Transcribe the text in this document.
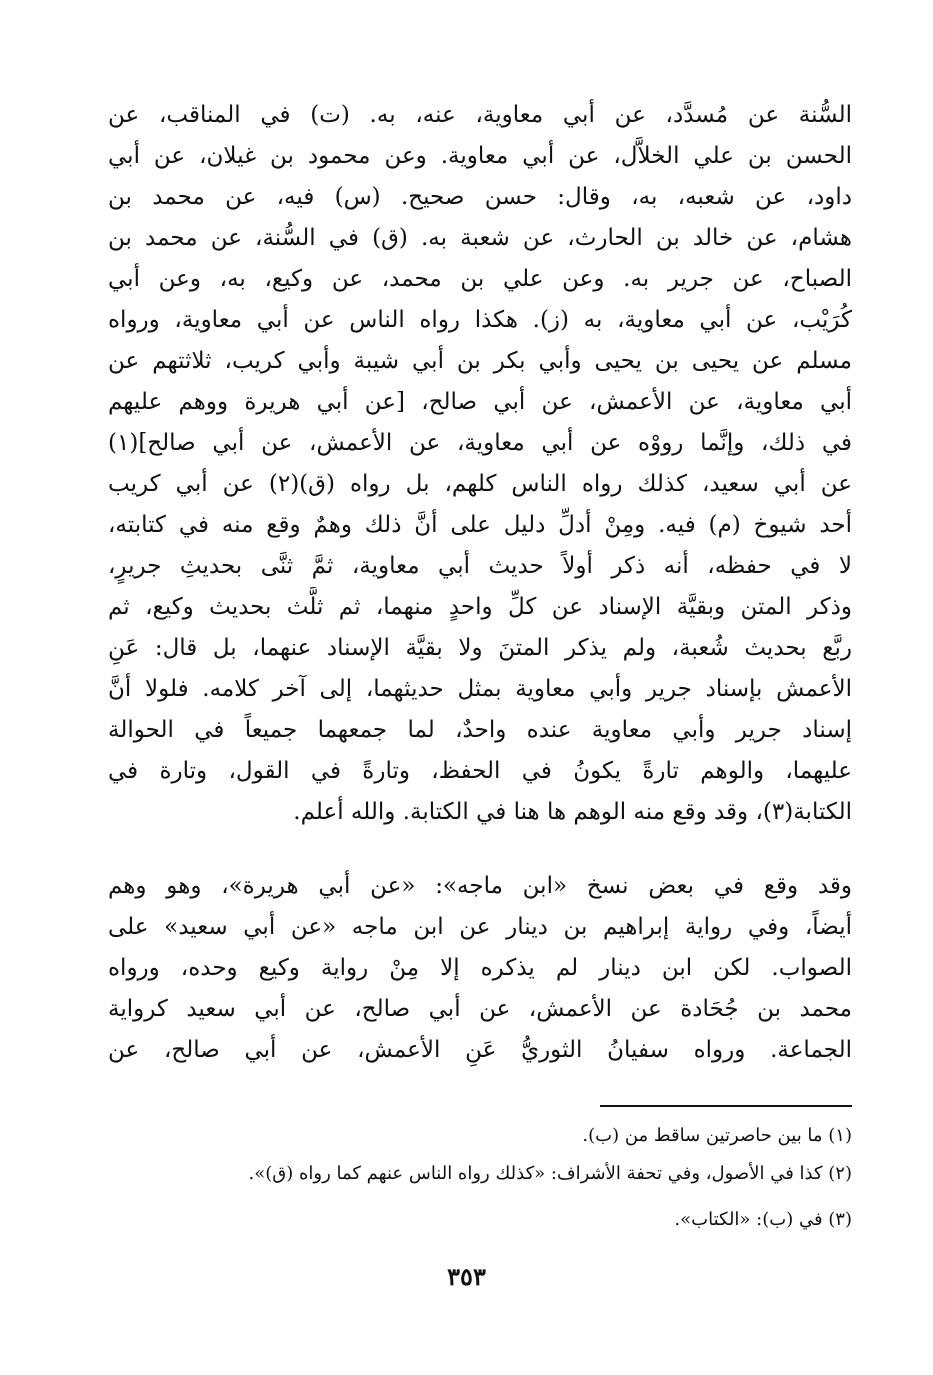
السُّنة عن مُسدَّد، عن أبي معاوية، عنه، به. (ت) في المناقب، عن
الحسن بن علي الخلاَّل، عن أبي معاوية. وعن محمود بن غيلان، عن أبي
داود، عن شعبه، به، وقال: حسن صحيح. (س) فيه، عن محمد بن
هشام، عن خالد بن الحارث، عن شعبة به. (ق) في السُّنة، عن محمد بن
الصباح، عن جرير به. وعن علي بن محمد، عن وكيع، به، وعن أبي
كُرَيْب، عن أبي معاوية، به (ز). هكذا رواه الناس عن أبي معاوية، ورواه
مسلم عن يحيى بن يحيى وأبي بكر بن أبي شيبة وأبي كريب، ثلاثتهم عن
أبي معاوية، عن الأعمش، عن أبي صالح، [عن أبي هريرة ووهم عليهم
في ذلك، وإنَّما رووْه عن أبي معاوية، عن الأعمش، عن أبي صالح](١)
عن أبي سعيد، كذلك رواه الناس كلهم، بل رواه (ق)(٢) عن أبي كريب
أحد شيوخ (م) فيه. ومِنْ أدلِّ دليل على أنَّ ذلك وهمٌ وقع منه في كتابته،
لا في حفظه، أنه ذكر أولاً حديث أبي معاوية، ثمَّ ثنَّى بحديثِ جريرٍ،
وذكر المتن وبقيَّة الإسناد عن كلِّ واحدٍ منهما، ثم ثلَّث بحديث وكيع، ثم
ربَّع بحديث شُعبة، ولم يذكر المتنَ ولا بقيَّة الإسناد عنهما، بل قال: عَنِ
الأعمش بإسناد جرير وأبي معاوية بمثل حديثهما، إلى آخر كلامه. فلولا أنَّ
إسناد جرير وأبي معاوية عنده واحدٌ، لما جمعهما جميعاً في الحوالة
عليهما، والوهم تارةً يكونُ في الحفظ، وتارةً في القول، وتارة في
الكتابة(٣)، وقد وقع منه الوهم ها هنا في الكتابة. والله أعلم.
وقد وقع في بعض نسخ «ابن ماجه»: «عن أبي هريرة»، وهو وهم
أيضاً، وفي رواية إبراهيم بن دينار عن ابن ماجه «عن أبي سعيد» على
الصواب. لكن ابن دينار لم يذكره إلا مِنْ رواية وكيع وحده، ورواه
محمد بن جُحَادة عن الأعمش، عن أبي صالح، عن أبي سعيد كرواية
الجماعة. ورواه سفيانُ الثوريُّ عَنِ الأعمش، عن أبي صالح، عن
(١) ما بين حاصرتين ساقط من (ب).
(٢) كذا في الأصول، وفي تحفة الأشراف: «كذلك رواه الناس عنهم كما رواه (ق)».
(٣) في (ب): «الكتاب».
٣٥٣
